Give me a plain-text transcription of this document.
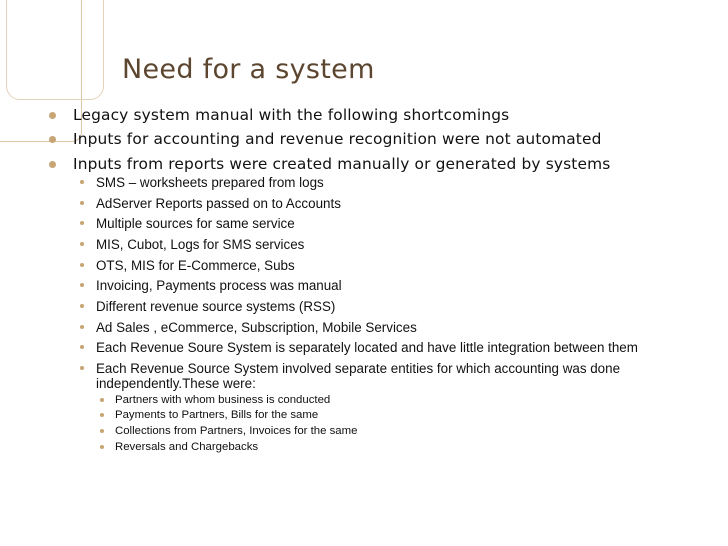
Need for a system
Legacy system manual with the following shortcomings
Inputs for accounting and revenue recognition were not automated
Inputs from reports were created manually or generated by systems
SMS – worksheets prepared from logs
AdServer Reports passed on to Accounts
Multiple sources for same service
MIS, Cubot, Logs for SMS services
OTS, MIS for E-Commerce, Subs
Invoicing, Payments process was manual
Different revenue source systems (RSS)
Ad Sales , eCommerce, Subscription, Mobile Services
Each Revenue Soure System is separately located and have little integration between them
Each Revenue Source System involved separate entities for which accounting was done
independently.These were:
Partners with whom business is conducted
Payments to Partners, Bills for the same
Collections from Partners, Invoices for the same
Reversals and Chargebacks
